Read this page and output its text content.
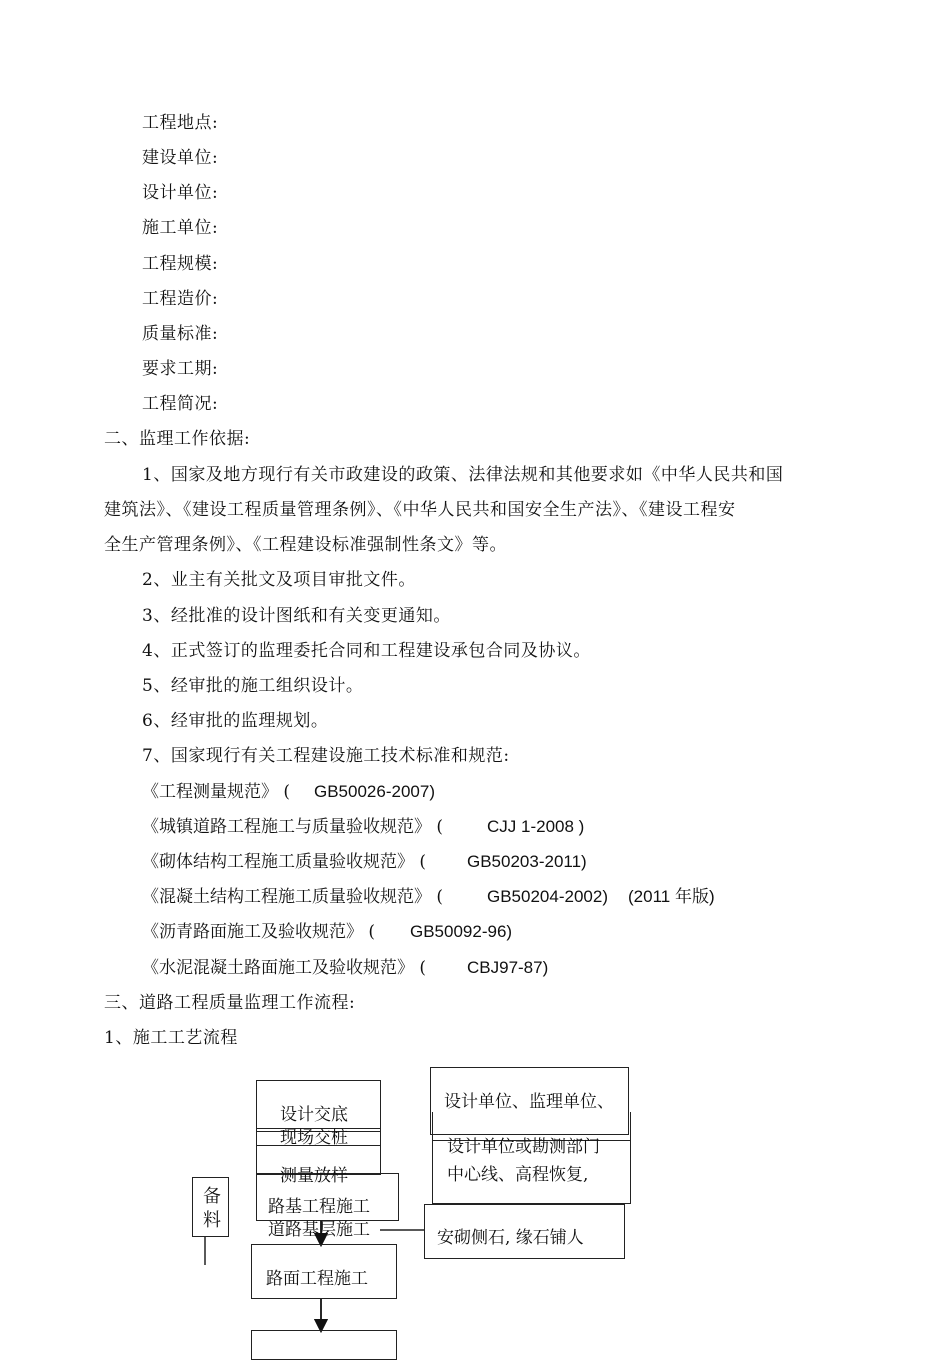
工程地点:
建设单位:
设计单位:
施工单位:
工程规模:
工程造价:
质量标准:
要求工期:
工程简况:
二、监理工作依据:
1、国家及地方现行有关市政建设的政策、法律法规和其他要求如《中华人民共和国
建筑法》、《建设工程质量管理条例》、《中华人民共和国安全生产法》、《建设工程安
全生产管理条例》、《工程建设标准强制性条文》等。
2、业主有关批文及项目审批文件。
3、经批准的设计图纸和有关变更通知。
4、正式签订的监理委托合同和工程建设承包合同及协议。
5、经审批的施工组织设计。
6、经审批的监理规划。
7、国家现行有关工程建设施工技术标准和规范:
《工程测量规范》 ( GB50026-2007)
《城镇道路工程施工与质量验收规范》 (	CJJ 1-2008 )
《砌体结构工程施工质量验收规范》 ( GB50203-2011)
《混凝土结构工程施工质量验收规范》 (	GB50204-2002) (2011 年版)
《沥青路面施工及验收规范》 ( GB50092-96)
《水泥混凝土路面施工及验收规范》 ( CBJ97-87)
三、道路工程质量监理工作流程:
1、施工工艺流程
设计交底
现场交桩
测量放样
路基工程施工
道路基层施工
路面工程施工
备
料
设计单位、监理单位、
设计单位或勘测部门
中心线、高程恢复,
安砌侧石, 缘石铺人
